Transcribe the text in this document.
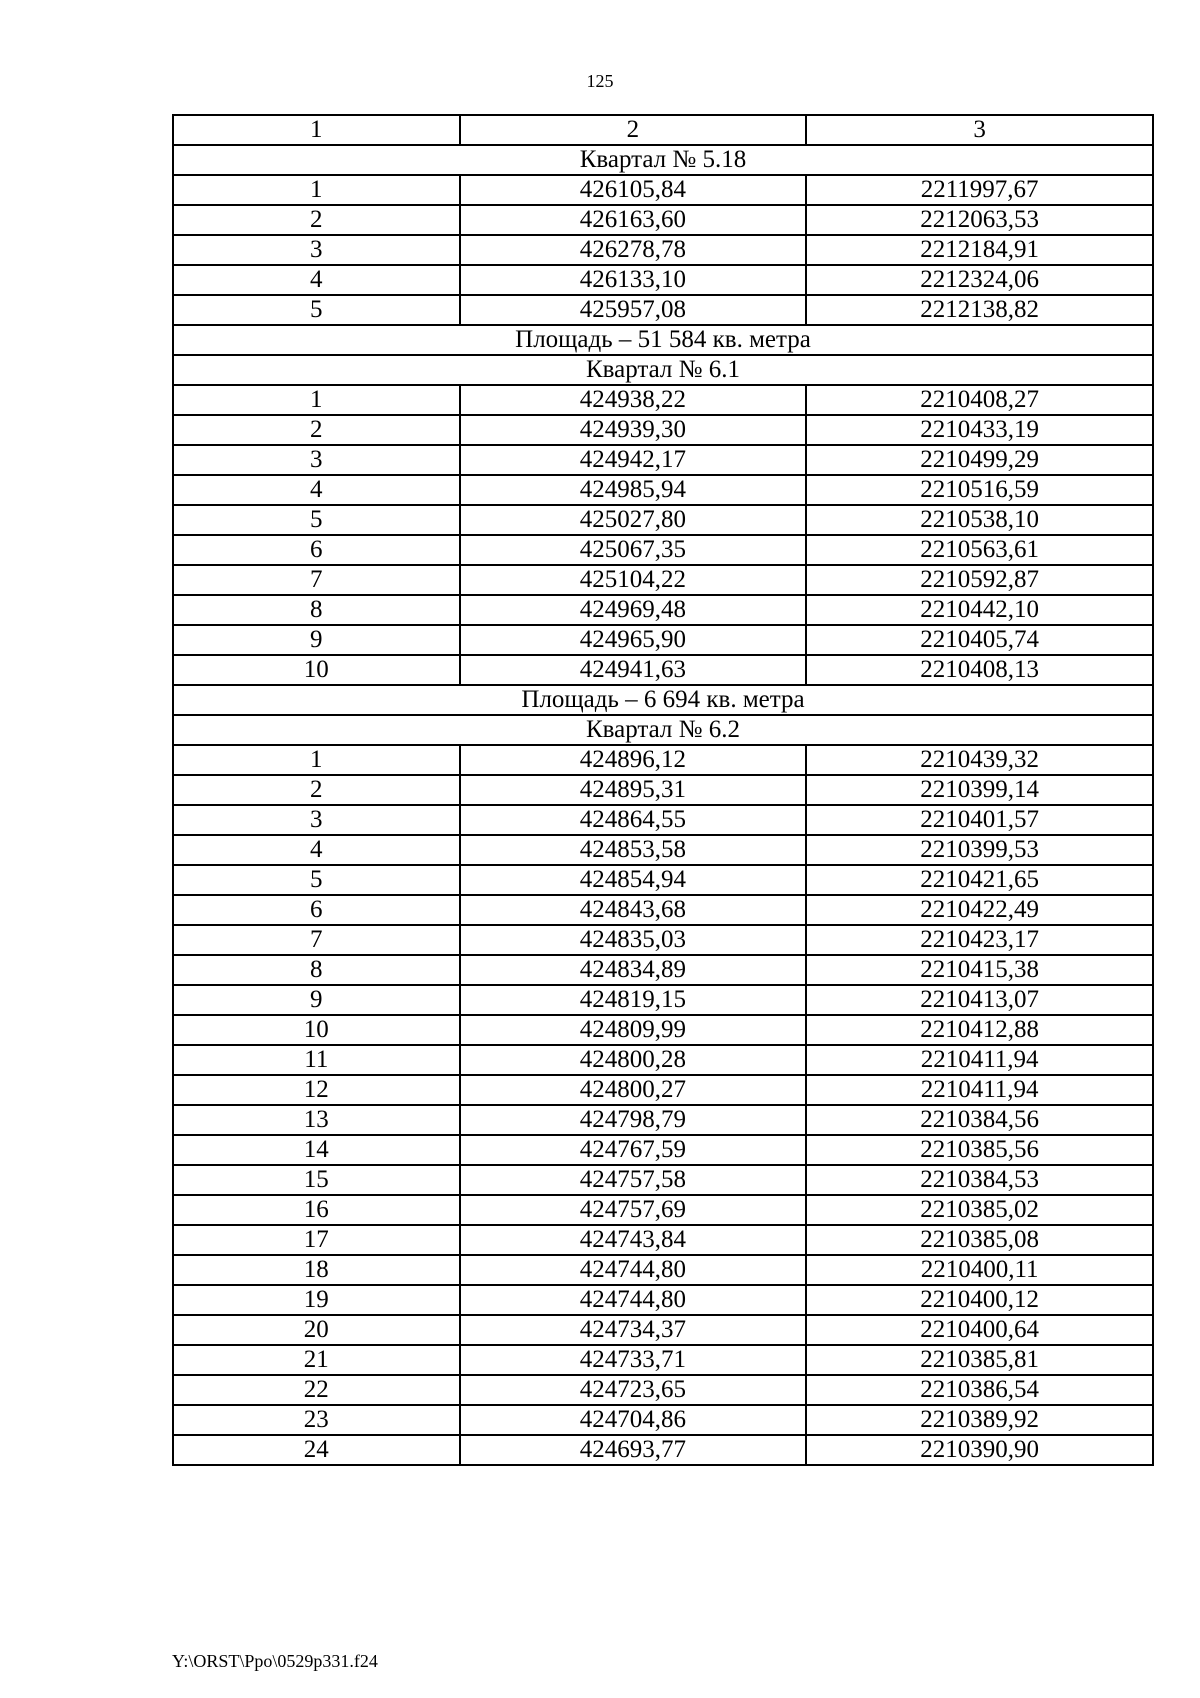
125
1	2	3
Квартал № 5.18		
1	426105,84	2211997,67
2	426163,60	2212063,53
3	426278,78	2212184,91
4	426133,10	2212324,06
5	425957,08	2212138,82
Площадь – 51 584 кв. метра		
Квартал № 6.1		
1	424938,22	2210408,27
2	424939,30	2210433,19
3	424942,17	2210499,29
4	424985,94	2210516,59
5	425027,80	2210538,10
6	425067,35	2210563,61
7	425104,22	2210592,87
8	424969,48	2210442,10
9	424965,90	2210405,74
10	424941,63	2210408,13
Площадь – 6 694 кв. метра		
Квартал № 6.2		
1	424896,12	2210439,32
2	424895,31	2210399,14
3	424864,55	2210401,57
4	424853,58	2210399,53
5	424854,94	2210421,65
6	424843,68	2210422,49
7	424835,03	2210423,17
8	424834,89	2210415,38
9	424819,15	2210413,07
10	424809,99	2210412,88
11	424800,28	2210411,94
12	424800,27	2210411,94
13	424798,79	2210384,56
14	424767,59	2210385,56
15	424757,58	2210384,53
16	424757,69	2210385,02
17	424743,84	2210385,08
18	424744,80	2210400,11
19	424744,80	2210400,12
20	424734,37	2210400,64
21	424733,71	2210385,81
22	424723,65	2210386,54
23	424704,86	2210389,92
24	424693,77	2210390,90
Y:\ORST\Ppo\0529p331.f24
